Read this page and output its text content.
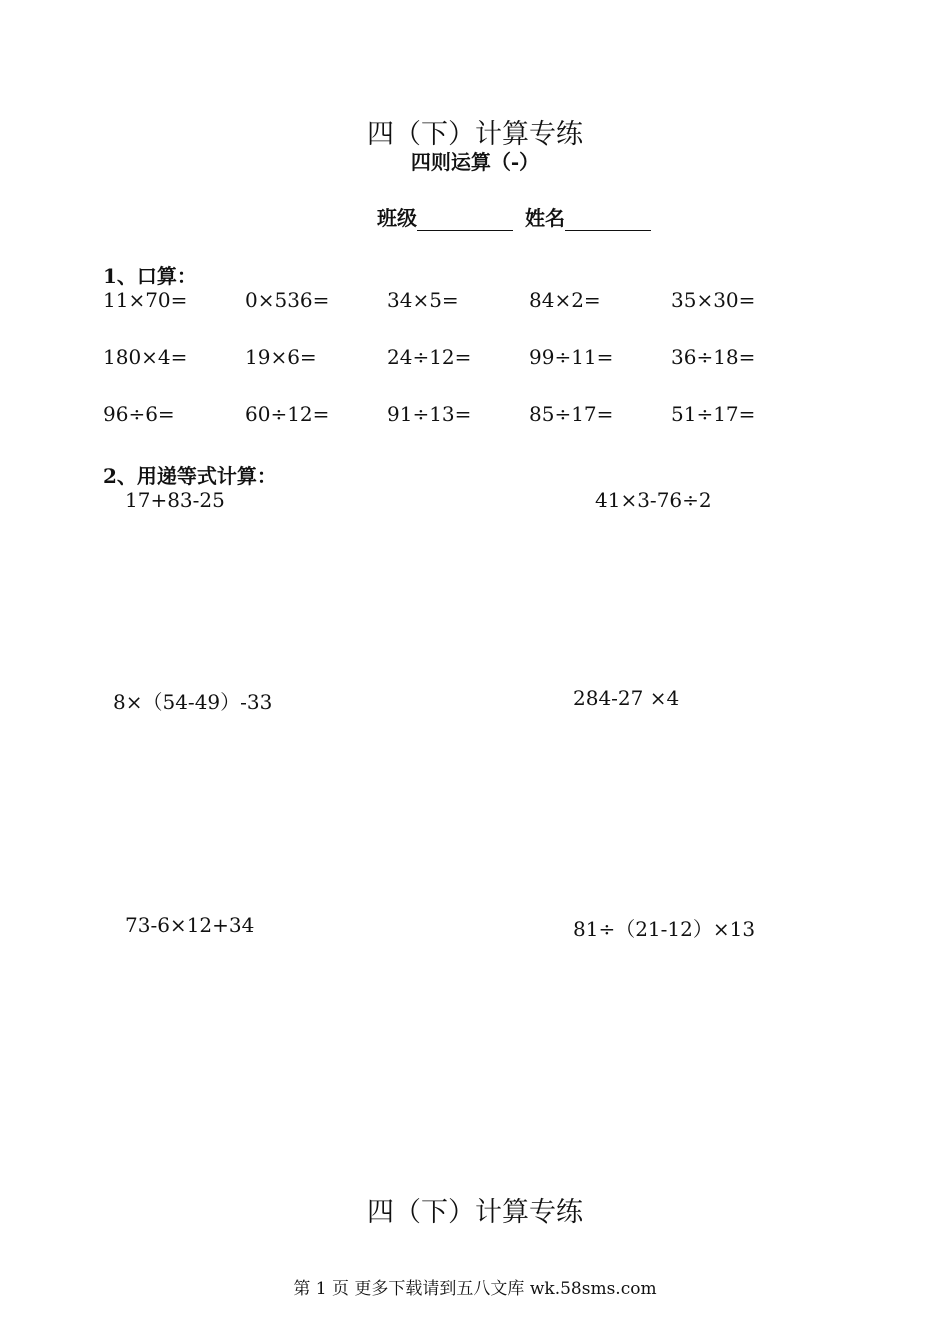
四（下）计算专练
四则运算（-）
班级	姓名
1、口算：
11×70=	0×536=	34×5=	84×2=	35×30=
180×4=	19×6=	24÷12=	99÷11=	36÷18=
96÷6=	60÷12=	91÷13=	85÷17=	51÷17=
2、用递等式计算：
17+83-25	41×3-76÷2
8×（54-49）-33	284-27 ×4
73-6×12+34	81÷（21-12）×13
四（下）计算专练
第 1 页 更多下载请到五八文库 wk.58sms.com
